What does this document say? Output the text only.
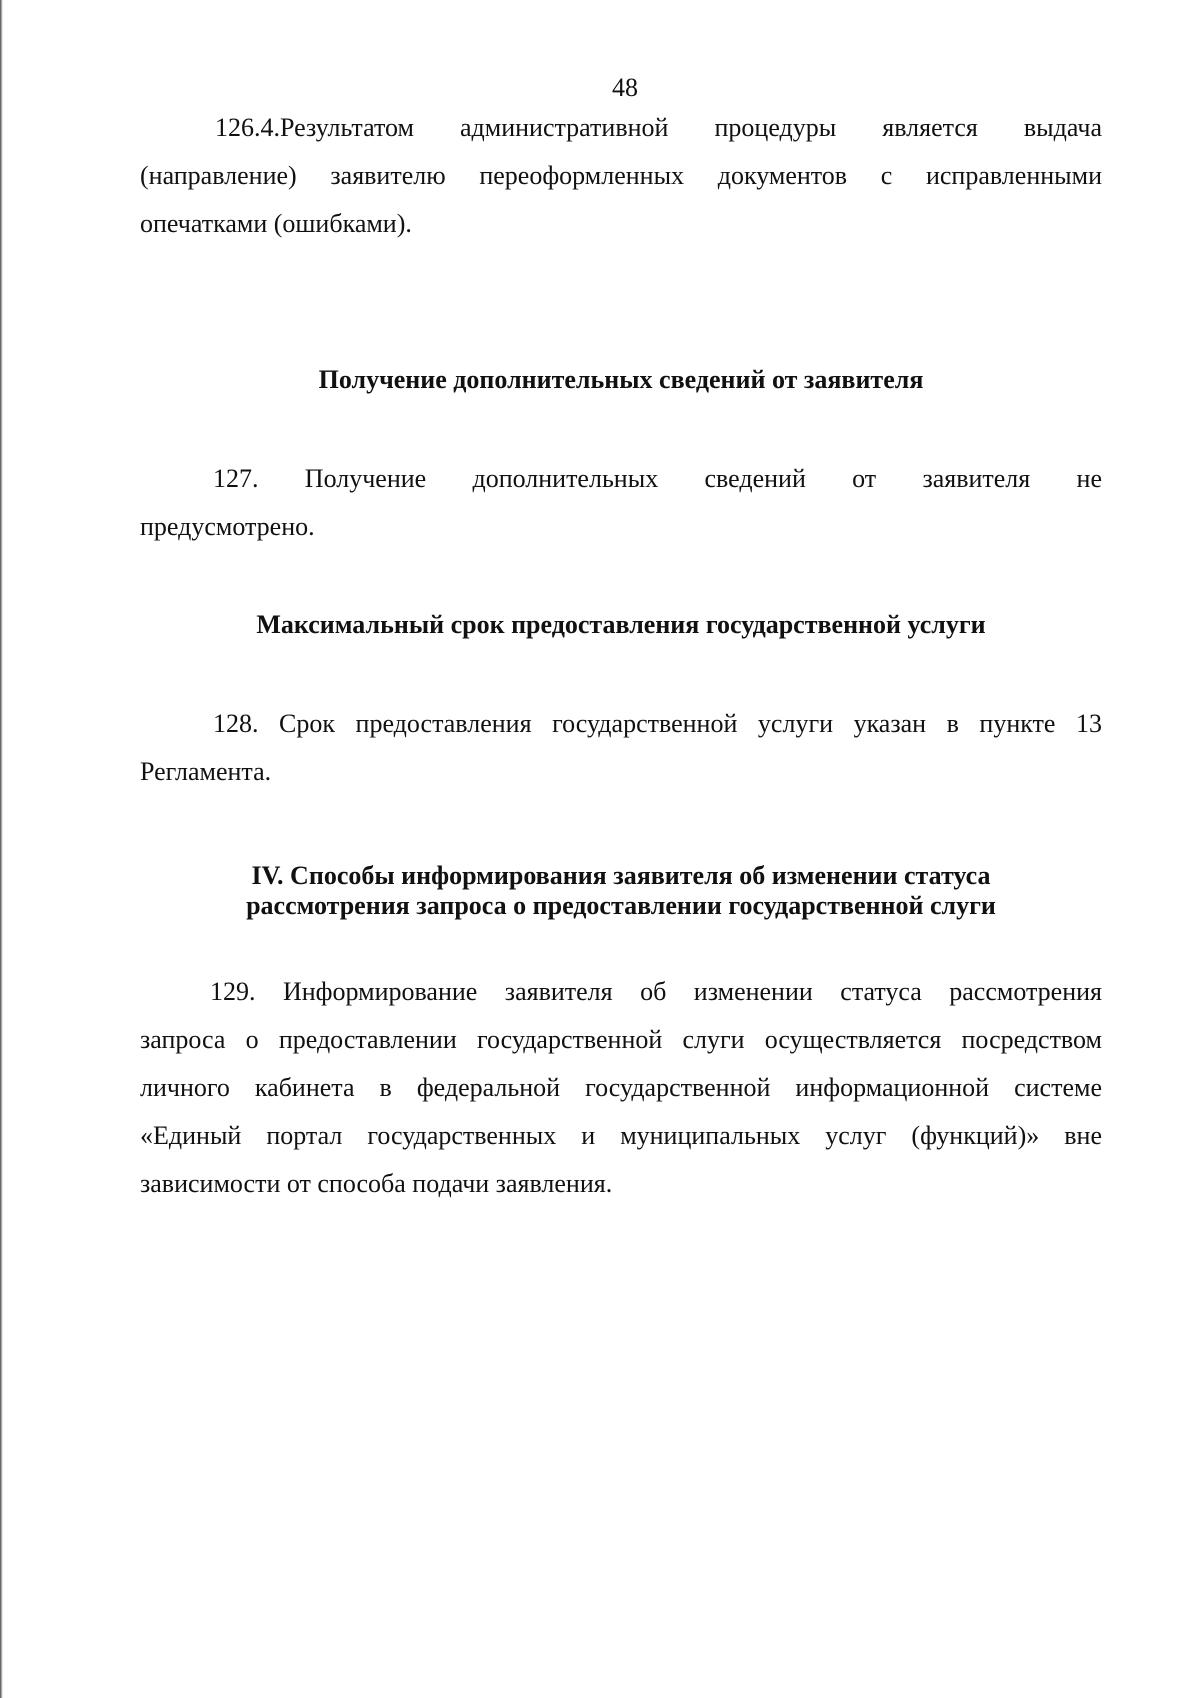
48
126.4.Результатом административной процедуры является выдача
(направление) заявителю переоформленных документов с исправленными
опечатками (ошибками).
Получение дополнительных сведений от заявителя
127. Получение дополнительных сведений от заявителя не
предусмотрено.
Максимальный срок предоставления государственной услуги
128. Срок предоставления государственной услуги указан в пункте 13
Регламента.
IV. Способы информирования заявителя об изменении статуса
рассмотрения запроса о предоставлении государственной слуги
129. Информирование заявителя об изменении статуса рассмотрения
запроса о предоставлении государственной слуги осуществляется посредством
личного кабинета в федеральной государственной информационной системе
«Единый портал государственных и муниципальных услуг (функций)» вне
зависимости от способа подачи заявления.
